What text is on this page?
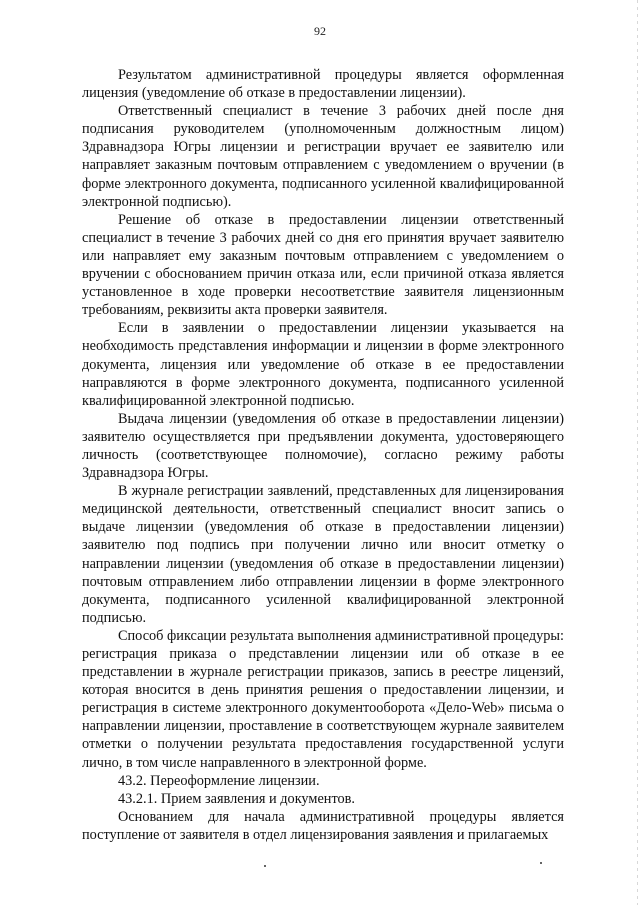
92

Результатом административной процедуры является оформленная лицензия (уведомление об отказе в предоставлении лицензии).

Ответственный специалист в течение 3 рабочих дней после дня подписания руководителем (уполномоченным должностным лицом) Здравнадзора Югры лицензии и регистрации вручает ее заявителю или направляет заказным почтовым отправлением с уведомлением о вручении (в форме электронного документа, подписанного усиленной квалифицированной электронной подписью).

Решение об отказе в предоставлении лицензии ответственный специалист в течение 3 рабочих дней со дня его принятия вручает заявителю или направляет ему заказным почтовым отправлением с уведомлением о вручении с обоснованием причин отказа или, если причиной отказа является установленное в ходе проверки несоответствие заявителя лицензионным требованиям, реквизиты акта проверки заявителя.

Если в заявлении о предоставлении лицензии указывается на необходимость представления информации и лицензии в форме электронного документа, лицензия или уведомление об отказе в ее предоставлении направляются в форме электронного документа, подписанного усиленной квалифицированной электронной подписью.

Выдача лицензии (уведомления об отказе в предоставлении лицензии) заявителю осуществляется при предъявлении документа, удостоверяющего личность (соответствующее полномочие), согласно режиму работы Здравнадзора Югры.

В журнале регистрации заявлений, представленных для лицензирования медицинской деятельности, ответственный специалист вносит запись о выдаче лицензии (уведомления об отказе в предоставлении лицензии) заявителю под подпись при получении лично или вносит отметку о направлении лицензии (уведомления об отказе в предоставлении лицензии) почтовым отправлением либо отправлении лицензии в форме электронного документа, подписанного усиленной квалифицированной электронной подписью.

Способ фиксации результата выполнения административной процедуры: регистрация приказа о представлении лицензии или об отказе в ее представлении в журнале регистрации приказов, запись в реестре лицензий, которая вносится в день принятия решения о предоставлении лицензии, и регистрация в системе электронного документооборота «Дело-Web» письма о направлении лицензии, проставление в соответствующем журнале заявителем отметки о получении результата предоставления государственной услуги лично, в том числе направленного в электронной форме.

43.2. Переоформление лицензии.

43.2.1. Прием заявления и документов.

Основанием для начала административной процедуры является поступление от заявителя в отдел лицензирования заявления и прилагаемых
